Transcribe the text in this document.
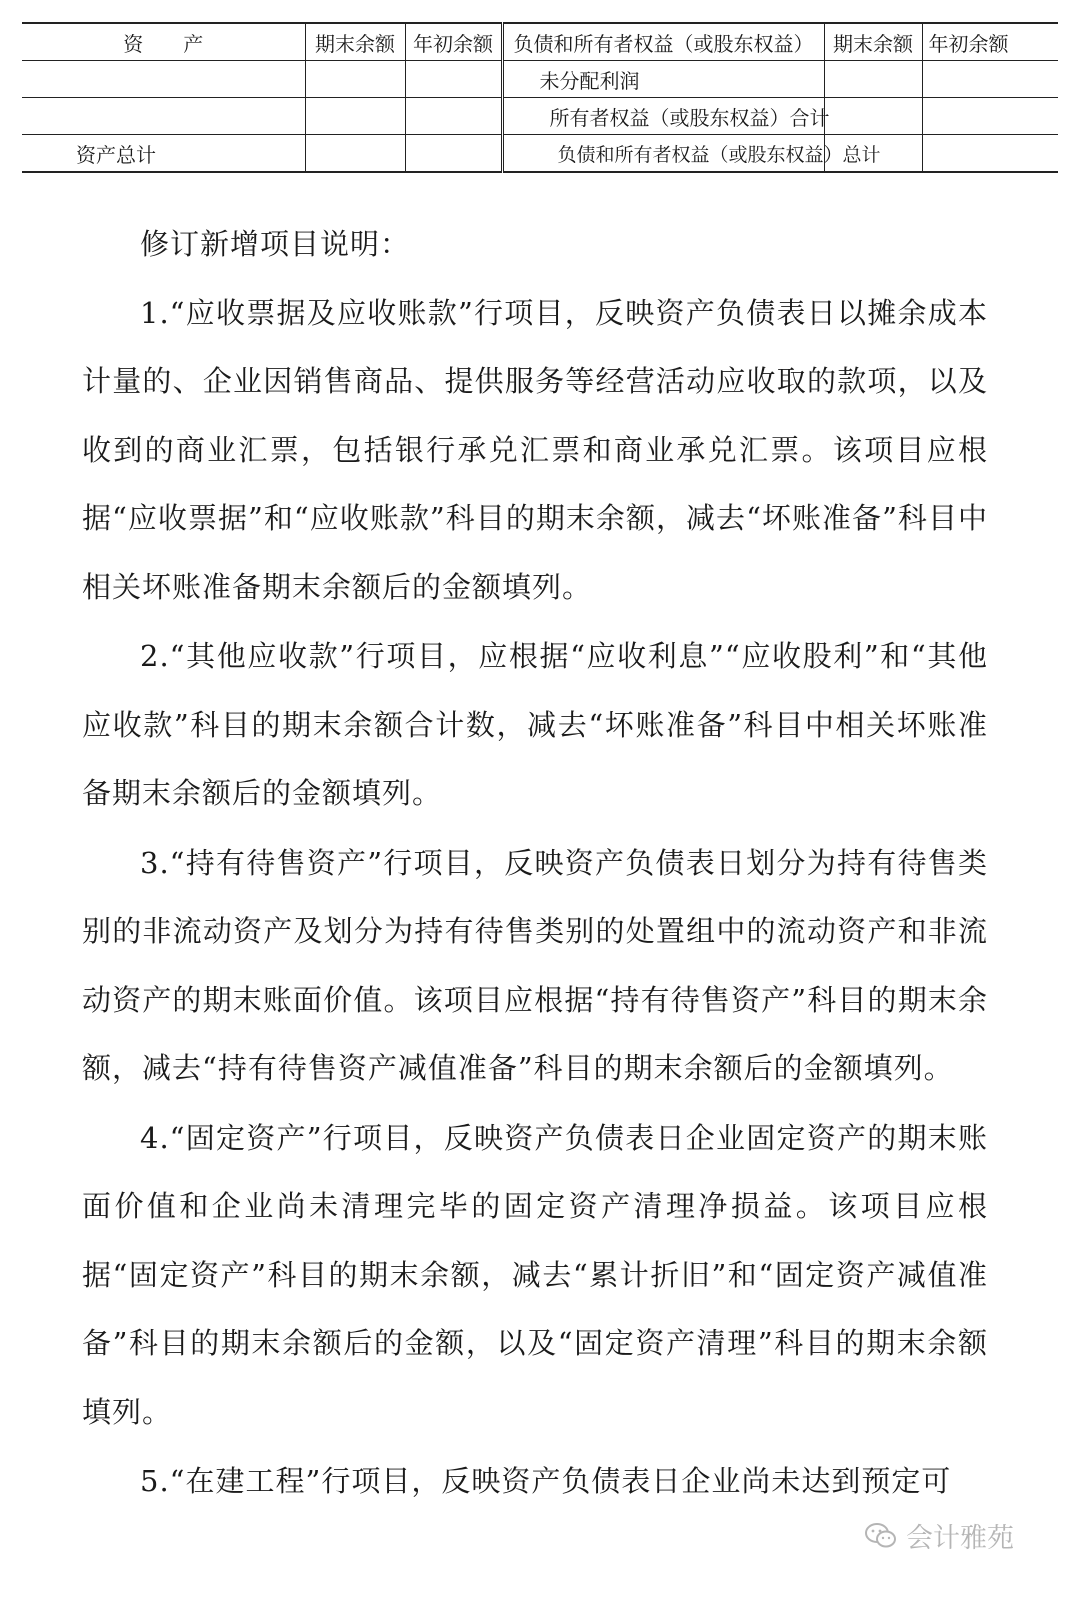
资　　产	期末余额	年初余额	负债和所有者权益（或股东权益）	期末余额	年初余额
			未分配利润		
			所有者权益（或股东权益）合计		
资产总计			负债和所有者权益（或股东权益）总计		

修订新增项目说明：

1.“应收票据及应收账款”行项目，反映资产负债表日以摊余成本计量的、企业因销售商品、提供服务等经营活动应收取的款项，以及收到的商业汇票，包括银行承兑汇票和商业承兑汇票。该项目应根据“应收票据”和“应收账款”科目的期末余额，减去“坏账准备”科目中相关坏账准备期末余额后的金额填列。

2.“其他应收款”行项目，应根据“应收利息”“应收股利”和“其他应收款”科目的期末余额合计数，减去“坏账准备”科目中相关坏账准备期末余额后的金额填列。

3.“持有待售资产”行项目，反映资产负债表日划分为持有待售类别的非流动资产及划分为持有待售类别的处置组中的流动资产和非流动资产的期末账面价值。该项目应根据“持有待售资产”科目的期末余额，减去“持有待售资产减值准备”科目的期末余额后的金额填列。

4.“固定资产”行项目，反映资产负债表日企业固定资产的期末账面价值和企业尚未清理完毕的固定资产清理净损益。该项目应根据“固定资产”科目的期末余额，减去“累计折旧”和“固定资产减值准备”科目的期末余额后的金额，以及“固定资产清理”科目的期末余额填列。

5.“在建工程”行项目，反映资产负债表日企业尚未达到预定可

会计雅苑
